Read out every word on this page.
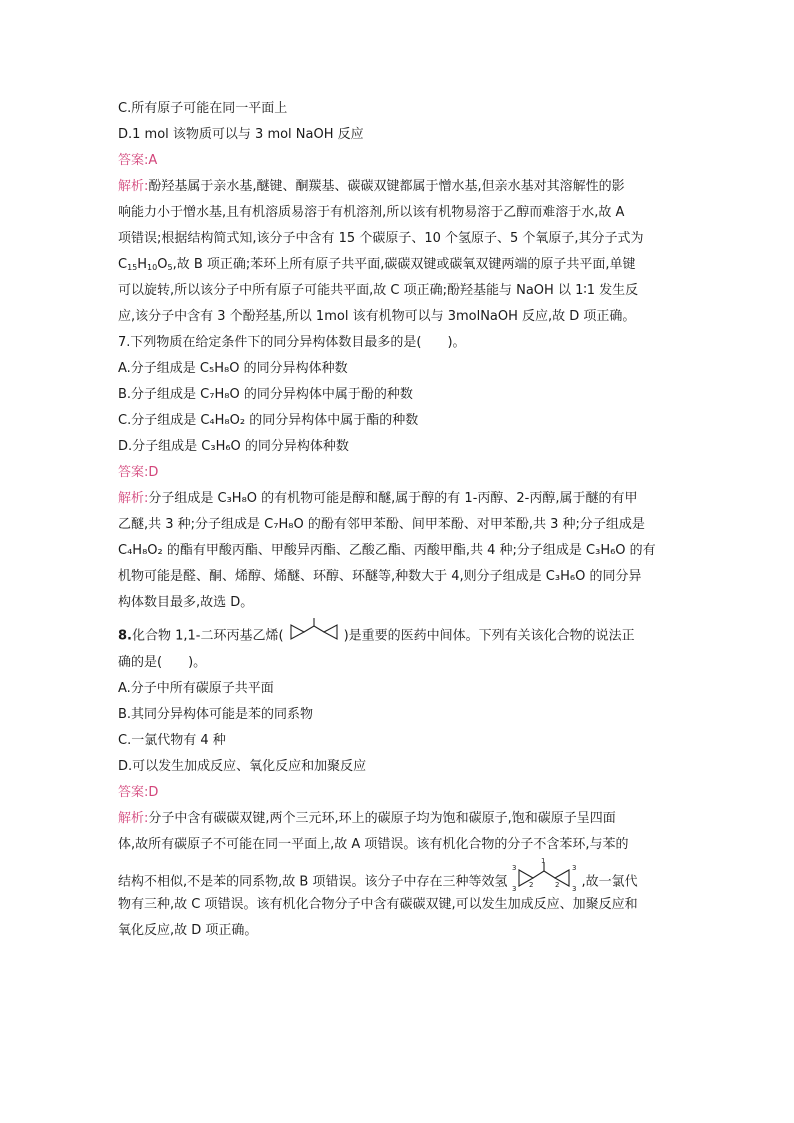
C.所有原子可能在同一平面上
D.1 mol 该物质可以与 3 mol NaOH 反应
答案:A
解析:酚羟基属于亲水基,醚键、酮羰基、碳碳双键都属于憎水基,但亲水基对其溶解性的影
响能力小于憎水基,且有机溶质易溶于有机溶剂,所以该有机物易溶于乙醇而难溶于水,故 A
项错误;根据结构简式知,该分子中含有 15 个碳原子、10 个氢原子、5 个氧原子,其分子式为
$C_{15}H_{10}O_5$,故 B 项正确;苯环上所有原子共平面,碳碳双键或碳氧双键两端的原子共平面,单键
可以旋转,所以该分子中所有原子可能共平面,故 C 项正确;酚羟基能与 NaOH 以 1∶1 发生反
应,该分子中含有 3 个酚羟基,所以 1mol 该有机物可以与 3molNaOH 反应,故 D 项正确。
7.下列物质在给定条件下的同分异构体数目最多的是(　　)。
A.分子组成是 C₅H₈O 的同分异构体种数
B.分子组成是 C₇H₈O 的同分异构体中属于酚的种数
C.分子组成是 C₄H₈O₂ 的同分异构体中属于酯的种数
D.分子组成是 C₃H₆O 的同分异构体种数
答案:D
解析:分子组成是 C₃H₈O 的有机物可能是醇和醚,属于醇的有 1-丙醇、2-丙醇,属于醚的有甲
乙醚,共 3 种;分子组成是 C₇H₈O 的酚有邻甲苯酚、间甲苯酚、对甲苯酚,共 3 种;分子组成是
C₄H₈O₂ 的酯有甲酸丙酯、甲酸异丙酯、乙酸乙酯、丙酸甲酯,共 4 种;分子组成是 C₃H₆O 的有
机物可能是醛、酮、烯醇、烯醚、环醇、环醚等,种数大于 4,则分子组成是 C₃H₆O 的同分异
构体数目最多,故选 D。
8.化合物 1,1-二环丙基乙烯(	)是重要的医药中间体。下列有关该化合物的说法正
确的是(　　)。
A.分子中所有碳原子共平面
B.其同分异构体可能是苯的同系物
C.一氯代物有 4 种
D.可以发生加成反应、氧化反应和加聚反应
答案:D
解析:分子中含有碳碳双键,两个三元环,环上的碳原子均为饱和碳原子,饱和碳原子呈四面
体,故所有碳原子不可能在同一平面上,故 A 项错误。该有机化合物的分子不含苯环,与苯的
结构不相似,不是苯的同系物,故 B 项错误。该分子中存在三种等效氢
3
3 2
1
2
3
3 ,故一氯代
物有三种,故 C 项错误。该有机化合物分子中含有碳碳双键,可以发生加成反应、加聚反应和
氧化反应,故 D 项正确。
